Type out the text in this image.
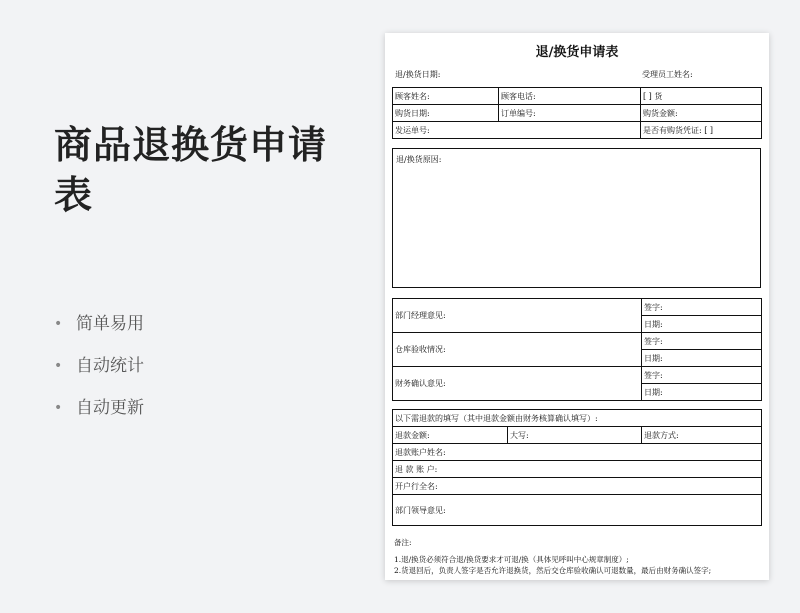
商品退换货申请表
• 简单易用
• 自动统计
• 自动更新
退/换货申请表
退/换货日期:	受理员工姓名:
顾客姓名:	顾客电话:	[ ] 货
购货日期:	订单编号:	购货金额:
发运单号:		是否有购货凭证: [ ]
退/换货原因:
部门经理意见:	签字:
	日期:
仓库验收情况:	签字:
	日期:
财务确认意见:	签字:
	日期:
以下需退款的填写（其中退款金额由财务核算确认填写）:
退款金额:	大写:	退款方式:
退款账户姓名:
退 款 账 户:
开户行全名:
部门领导意见:
备注:
1.退/换货必须符合退/换货要求才可退/换（具体见呼叫中心规章制度）;
2.货退回后，负责人签字是否允许退换货，然后交仓库验收确认可退数量，最后由财务确认签字;
